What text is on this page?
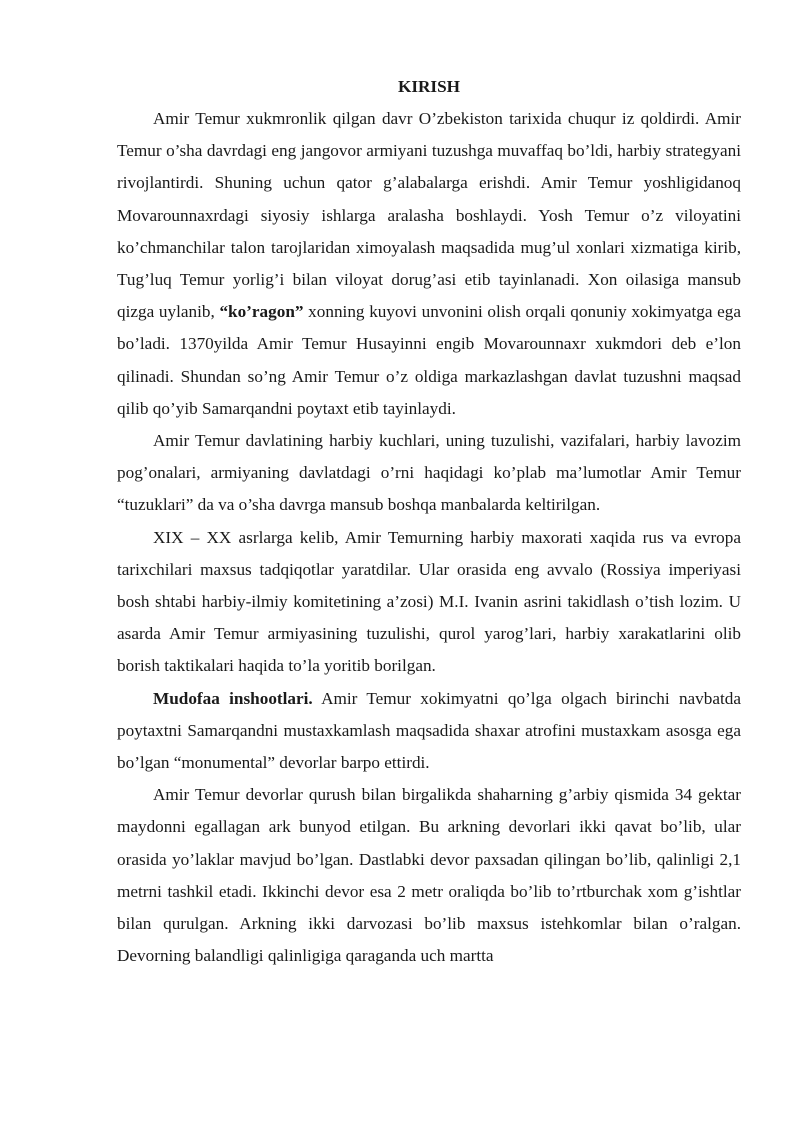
KIRISH

Amir Temur xukmronlik qilgan davr O’zbekiston tarixida chuqur iz qoldirdi. Amir Temur o’sha davrdagi eng jangovor armiyani tuzushga muvaffaq bo’ldi, harbiy strategyani rivojlantirdi. Shuning uchun qator g’alabalarga erishdi. Amir Temur yoshligidanoq Movarounnaxrdagi siyosiy ishlarga aralasha boshlaydi. Yosh Temur o’z viloyatini ko’chmanchilar talon tarojlaridan ximoyalash maqsadida mug’ul xonlari xizmatiga kirib, Tug’luq Temur yorlig’i bilan viloyat dorug’asi etib tayinlanadi. Xon oilasiga mansub qizga uylanib, “ko’ragon” xonning kuyovi unvonini olish orqali qonuniy xokimyatga ega bo’ladi. 1370yilda Amir Temur Husayinni engib Movarounnaxr xukmdori deb e’lon qilinadi. Shundan so’ng Amir Temur o’z oldiga markazlashgan davlat tuzushni maqsad qilib qo’yib Samarqandni poytaxt etib tayinlaydi.

Amir Temur davlatining harbiy kuchlari, uning tuzulishi, vazifalari, harbiy lavozim pog’onalari, armiyaning davlatdagi o’rni haqidagi ko’plab ma’lumotlar Amir Temur “tuzuklari” da va o’sha davrga mansub boshqa manbalarda keltirilgan.

XIX – XX asrlarga kelib, Amir Temurning harbiy maxorati xaqida rus va evropa tarixchilari maxsus tadqiqotlar yaratdilar. Ular orasida eng avvalo (Rossiya imperiyasi bosh shtabi harbiy-ilmiy komitetining a’zosi) M.I. Ivanin asrini takidlash o’tish lozim. U asarda Amir Temur armiyasining tuzulishi, qurol yarog’lari, harbiy xarakatlarini olib borish taktikalari haqida to’la yoritib borilgan.

Mudofaa inshootlari. Amir Temur xokimyatni qo’lga olgach birinchi navbatda poytaxtni Samarqandni mustaxkamlash maqsadida shaxar atrofini mustaxkam asosga ega bo’lgan “monumental” devorlar barpo ettirdi.

Amir Temur devorlar qurush bilan birgalikda shaharning g’arbiy qismida 34 gektar maydonni egallagan ark bunyod etilgan. Bu arkning devorlari ikki qavat bo’lib, ular orasida yo’laklar mavjud bo’lgan. Dastlabki devor paxsadan qilingan bo’lib, qalinligi 2,1 metrni tashkil etadi. Ikkinchi devor esa 2 metr oraliqda bo’lib to’rtburchak xom g’ishtlar bilan qurulgan. Arkning ikki darvozasi bo’lib maxsus istehkomlar bilan o’ralgan. Devorning balandligi qalinligiga qaraganda uch martta
